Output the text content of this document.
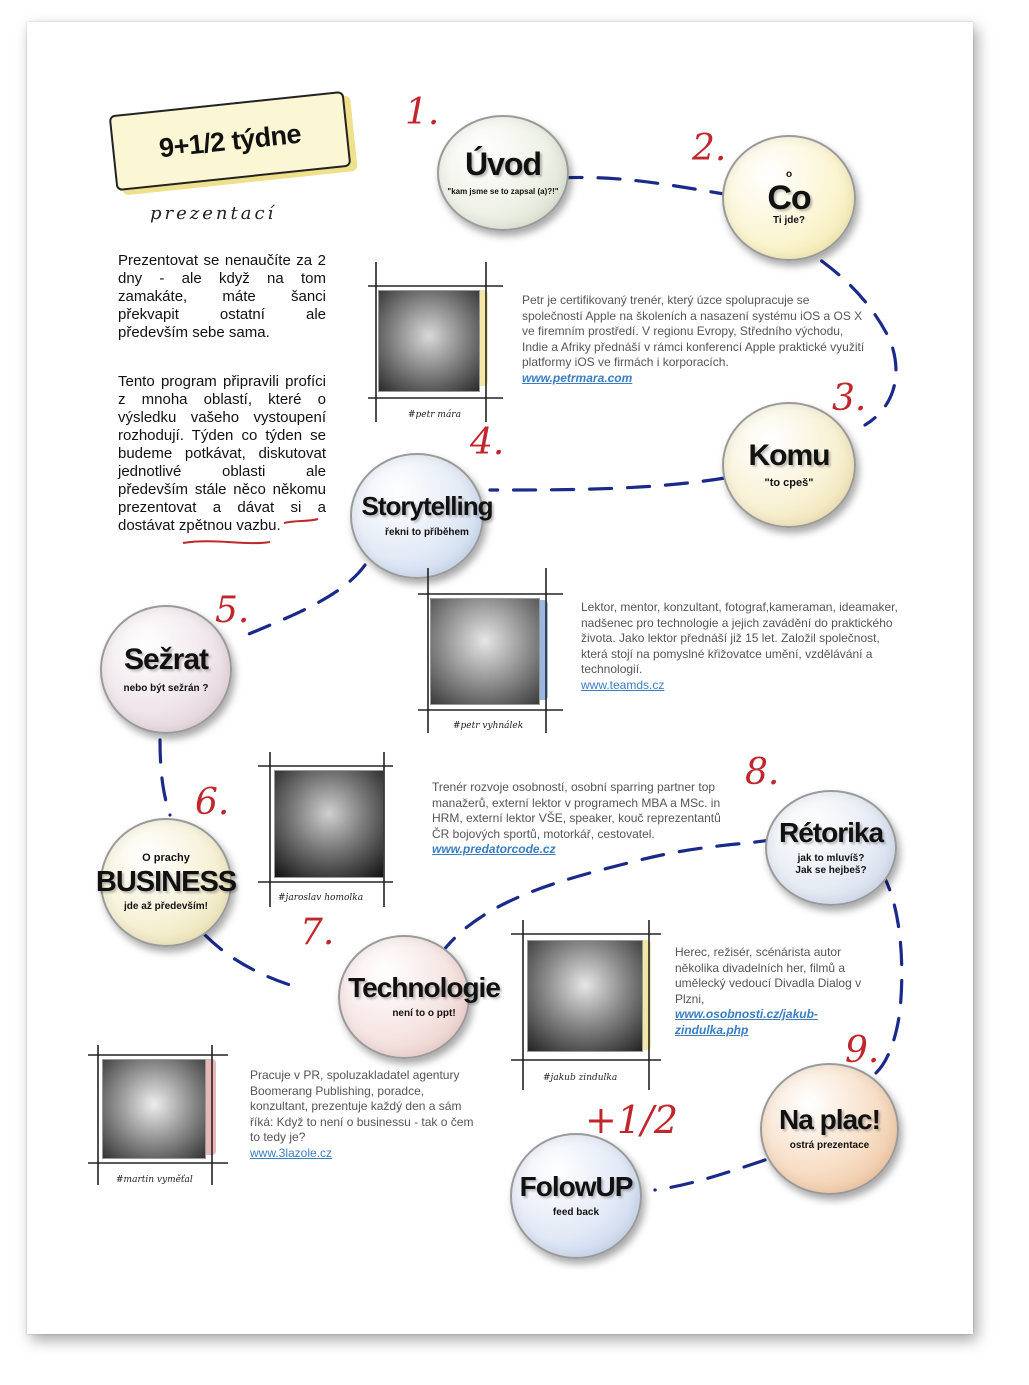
9+1/2 týdne
prezentací
Prezentovat se nenaučíte za 2 dny - ale když na tom zamakáte, máte šanci překvapit ostatní ale především sebe sama.
Tento program připravili profíci z mnoha oblastí, které o výsledku vašeho vystoupení rozhodují. Týden co týden se budeme potkávat, diskutovat jednotlivé oblasti ale především stále něco někomu prezentovat a dávat si a dostávat zpětnou vazbu.
1.
Úvod
"kam jsme se to zapsal (a)?!"
2.
o
Co
Ti jde?
#petr mára
Petr je certifikovaný trenér, který úzce spolupracuje se společností Apple na školeních a nasazení systému iOS a OS X ve firemním prostředí. V regionu Evropy, Středního východu, Indie a Afriky přednáší v rámci konferencí Apple praktické využití platformy iOS ve firmách i korporacích.
www.petrmara.com
3.
Komu
"to cpeš"
4.
Storytelling
řekni to příběhem
5.
Sežrat
nebo být sežrán ?
#petr vyhnálek
Lektor, mentor, konzultant, fotograf,kameraman, ideamaker, nadšenec pro technologie a jejich zavádění do praktického života. Jako lektor přednáší již 15 let. Založil společnost, která stojí na pomyslné křižovatce umění, vzdělávání a technologií.
www.teamds.cz
#jaroslav homolka
Trenér rozvoje osobností, osobní sparring partner top manažerů, externí lektor v programech MBA a MSc. in HRM, externí lektor VŠE, speaker, kouč reprezentantů ČR bojových sportů, motorkář, cestovatel.
www.predatorcode.cz
6.
O prachy
BUSINESS
jde až především!
8.
Rétorika
jak to mluvíš? Jak se hejbeš?
7.
Technologie
není to o ppt!
#jakub zindulka
Herec, režisér, scénárista autor několika divadelních her, filmů a umělecký vedoucí Divadla Dialog v Plzni,
www.osobnosti.cz/jakub-zindulka.php
#martin vyměťal
Pracuje v PR, spoluzakladatel agentury Boomerang Publishing, poradce, konzultant, prezentuje každý den a sám říká: Když to není o businessu - tak o čem to tedy je?
www.3lazole.cz
9.
Na plac!
ostrá prezentace
+1/2
FolowUP
feed back
